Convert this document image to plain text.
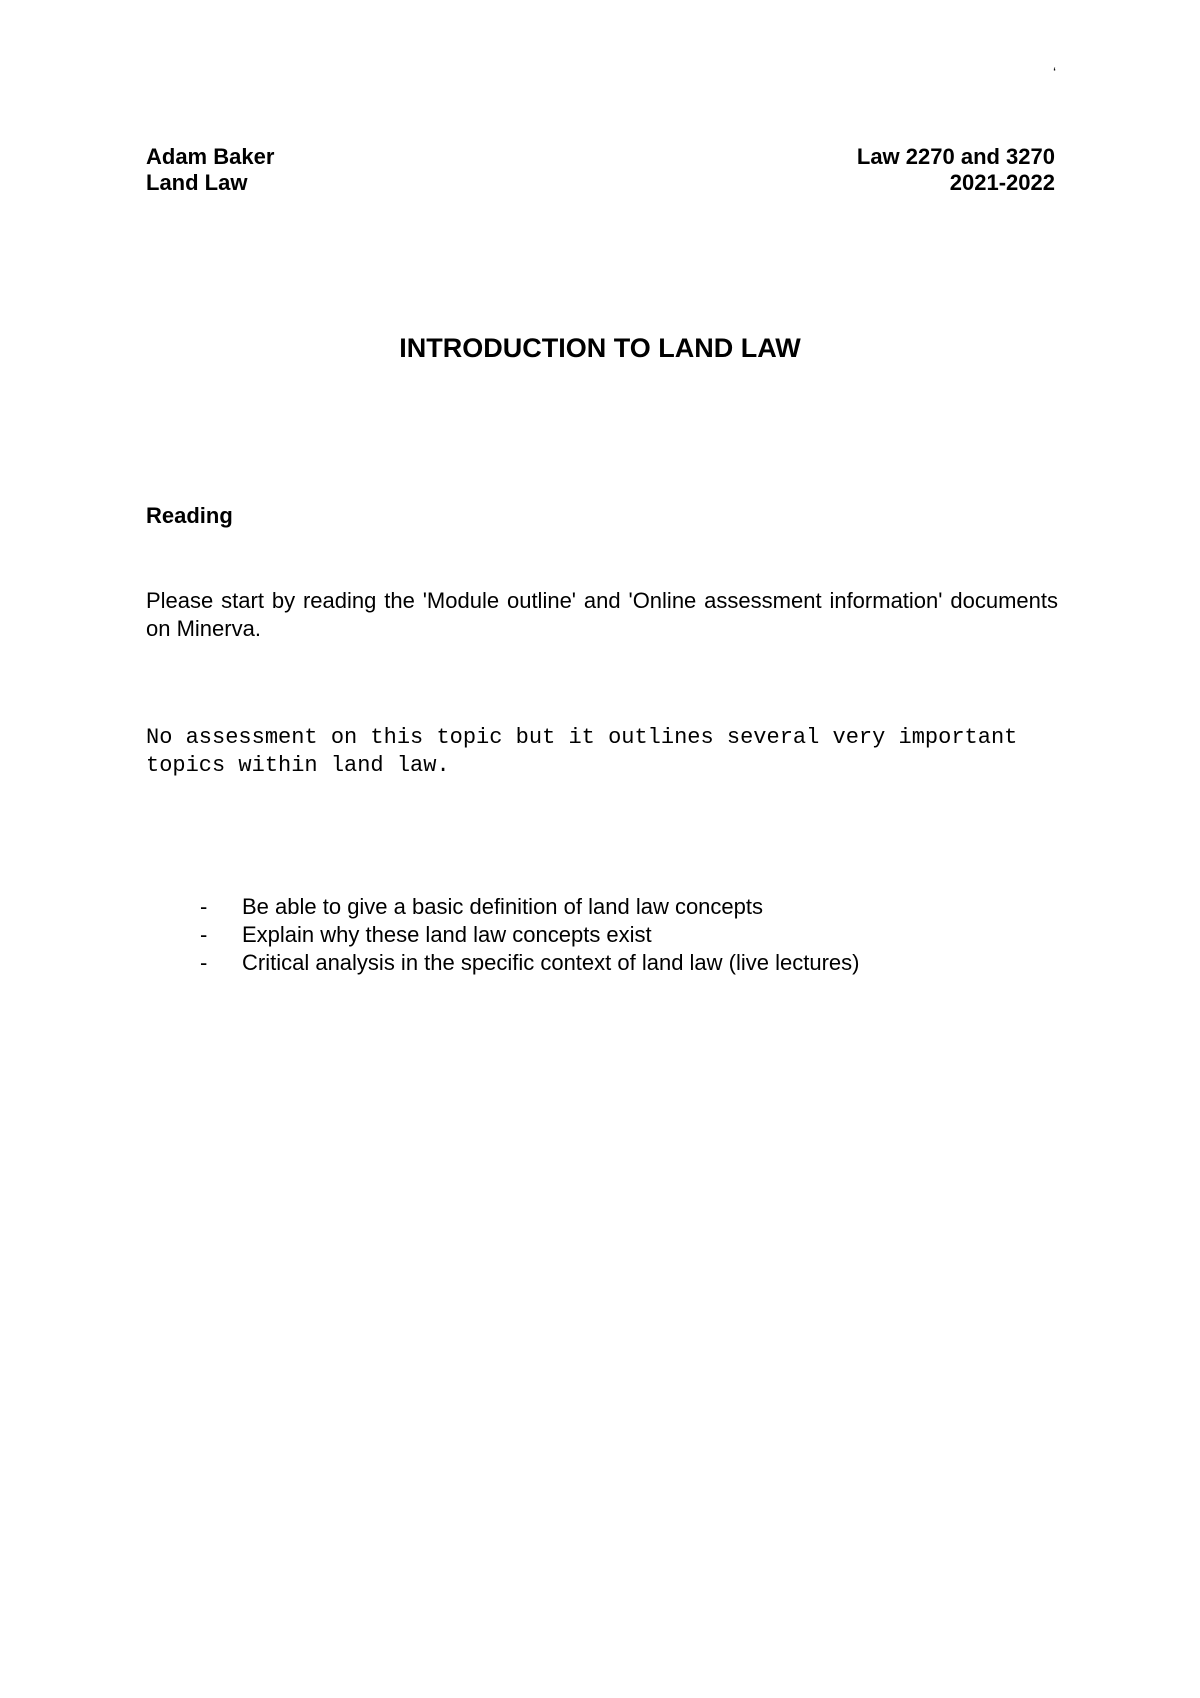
‘
Adam Baker
Land Law
Law 2270 and 3270
2021-2022
INTRODUCTION TO LAND LAW
Reading
Please start by reading the 'Module outline' and 'Online assessment information' documents on Minerva.
No assessment on this topic but it outlines several very important topics within land law.
- Be able to give a basic definition of land law concepts
- Explain why these land law concepts exist
- Critical analysis in the specific context of land law (live lectures)
